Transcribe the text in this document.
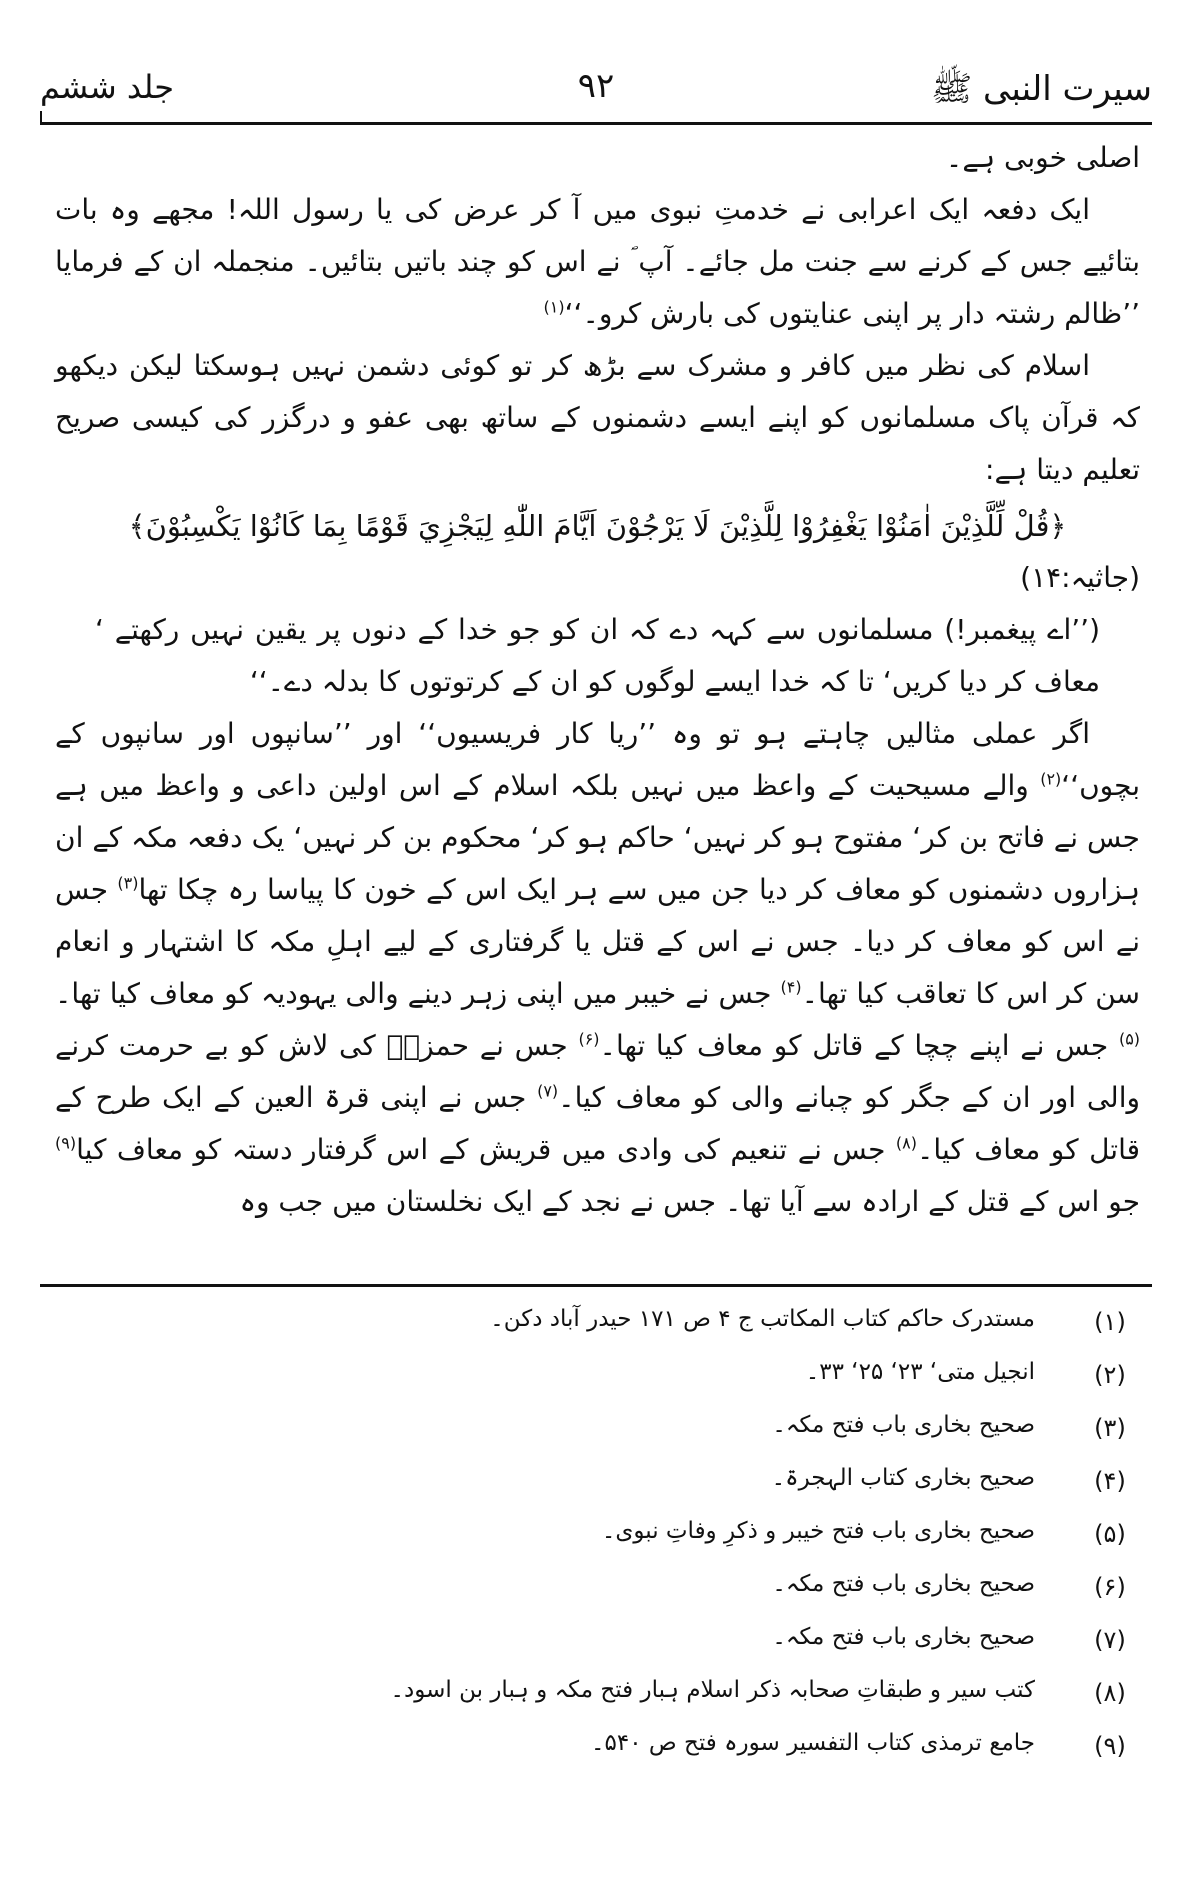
سیرت النبی ﷺ
۹۲
جلد ششم

اصلی خوبی ہے۔

ایک دفعہ ایک اعرابی نے خدمتِ نبوی میں آ کر عرض کی یا رسول اللہ! مجھے وہ بات بتائیے جس کے کرنے سے جنت مل جائے۔ آپ ؐ نے اس کو چند باتیں بتائیں۔ منجملہ ان کے فرمایا ’’ظالم رشتہ دار پر اپنی عنایتوں کی بارش کرو۔‘‘$^{(۱)}$

اسلام کی نظر میں کافر و مشرک سے بڑھ کر تو کوئی دشمن نہیں ہوسکتا لیکن دیکھو کہ قرآن پاک مسلمانوں کو اپنے ایسے دشمنوں کے ساتھ بھی عفو و درگزر کی کیسی صریح تعلیم دیتا ہے:

﴿قُلْ لِّلَّذِيْنَ اٰمَنُوْا يَغْفِرُوْا لِلَّذِيْنَ لَا يَرْجُوْنَ اَيَّامَ اللّٰهِ لِيَجْزِيَ قَوْمًا بِمَا كَانُوْا يَكْسِبُوْنَ﴾

(جاثیہ:۱۴)

(’’اے پیغمبر!) مسلمانوں سے کہہ دے کہ ان کو جو خدا کے دنوں پر یقین نہیں رکھتے ‘ معاف کر دیا کریں‘ تا کہ خدا ایسے لوگوں کو ان کے کرتوتوں کا بدلہ دے۔‘‘

اگر عملی مثالیں چاہتے ہو تو وہ ’’ریا کار فریسیوں‘‘ اور ’’سانپوں اور سانپوں کے بچوں‘‘$^{(۲)}$ والے مسیحیت کے واعظ میں نہیں بلکہ اسلام کے اس اولین داعی و واعظ میں ہے جس نے فاتح بن کر‘ مفتوح ہو کر نہیں‘ حاکم ہو کر‘ محکوم بن کر نہیں‘ یک دفعہ مکہ کے ان ہزاروں دشمنوں کو معاف کر دیا جن میں سے ہر ایک اس کے خون کا پیاسا رہ چکا تھا$^{(۳)}$ جس نے اس کو معاف کر دیا۔ جس نے اس کے قتل یا گرفتاری کے لیے اہلِ مکہ کا اشتہار و انعام سن کر اس کا تعاقب کیا تھا۔$^{(۴)}$ جس نے خیبر میں اپنی زہر دینے والی یہودیہ کو معاف کیا تھا۔$^{(۵)}$ جس نے اپنے چچا کے قاتل کو معاف کیا تھا۔$^{(۶)}$ جس نے حمزہؓ کی لاش کو بے حرمت کرنے والی اور ان کے جگر کو چبانے والی کو معاف کیا۔$^{(۷)}$ جس نے اپنی قرۃ العین کے ایک طرح کے قاتل کو معاف کیا۔$^{(۸)}$ جس نے تنعیم کی وادی میں قریش کے اس گرفتار دستہ کو معاف کیا$^{(۹)}$ جو اس کے قتل کے ارادہ سے آیا تھا۔ جس نے نجد کے ایک نخلستان میں جب وہ

(۱)
مستدرک حاکم کتاب المکاتب ج ۴ ص ۱۷۱ حیدر آباد دکن۔
(۲)
انجیل متی‘ ۲۳‘ ۲۵‘ ۳۳۔
(۳)
صحیح بخاری باب فتح مکہ۔
(۴)
صحیح بخاری کتاب الہجرۃ۔
(۵)
صحیح بخاری باب فتح خیبر و ذکرِ وفاتِ نبوی۔
(۶)
صحیح بخاری باب فتح مکہ۔
(۷)
صحیح بخاری باب فتح مکہ۔
(۸)
کتب سیر و طبقاتِ صحابہ ذکر اسلام ہبار فتح مکہ و ہبار بن اسود۔
(۹)
جامع ترمذی کتاب التفسیر سورہ فتح ص ۵۴۰۔
